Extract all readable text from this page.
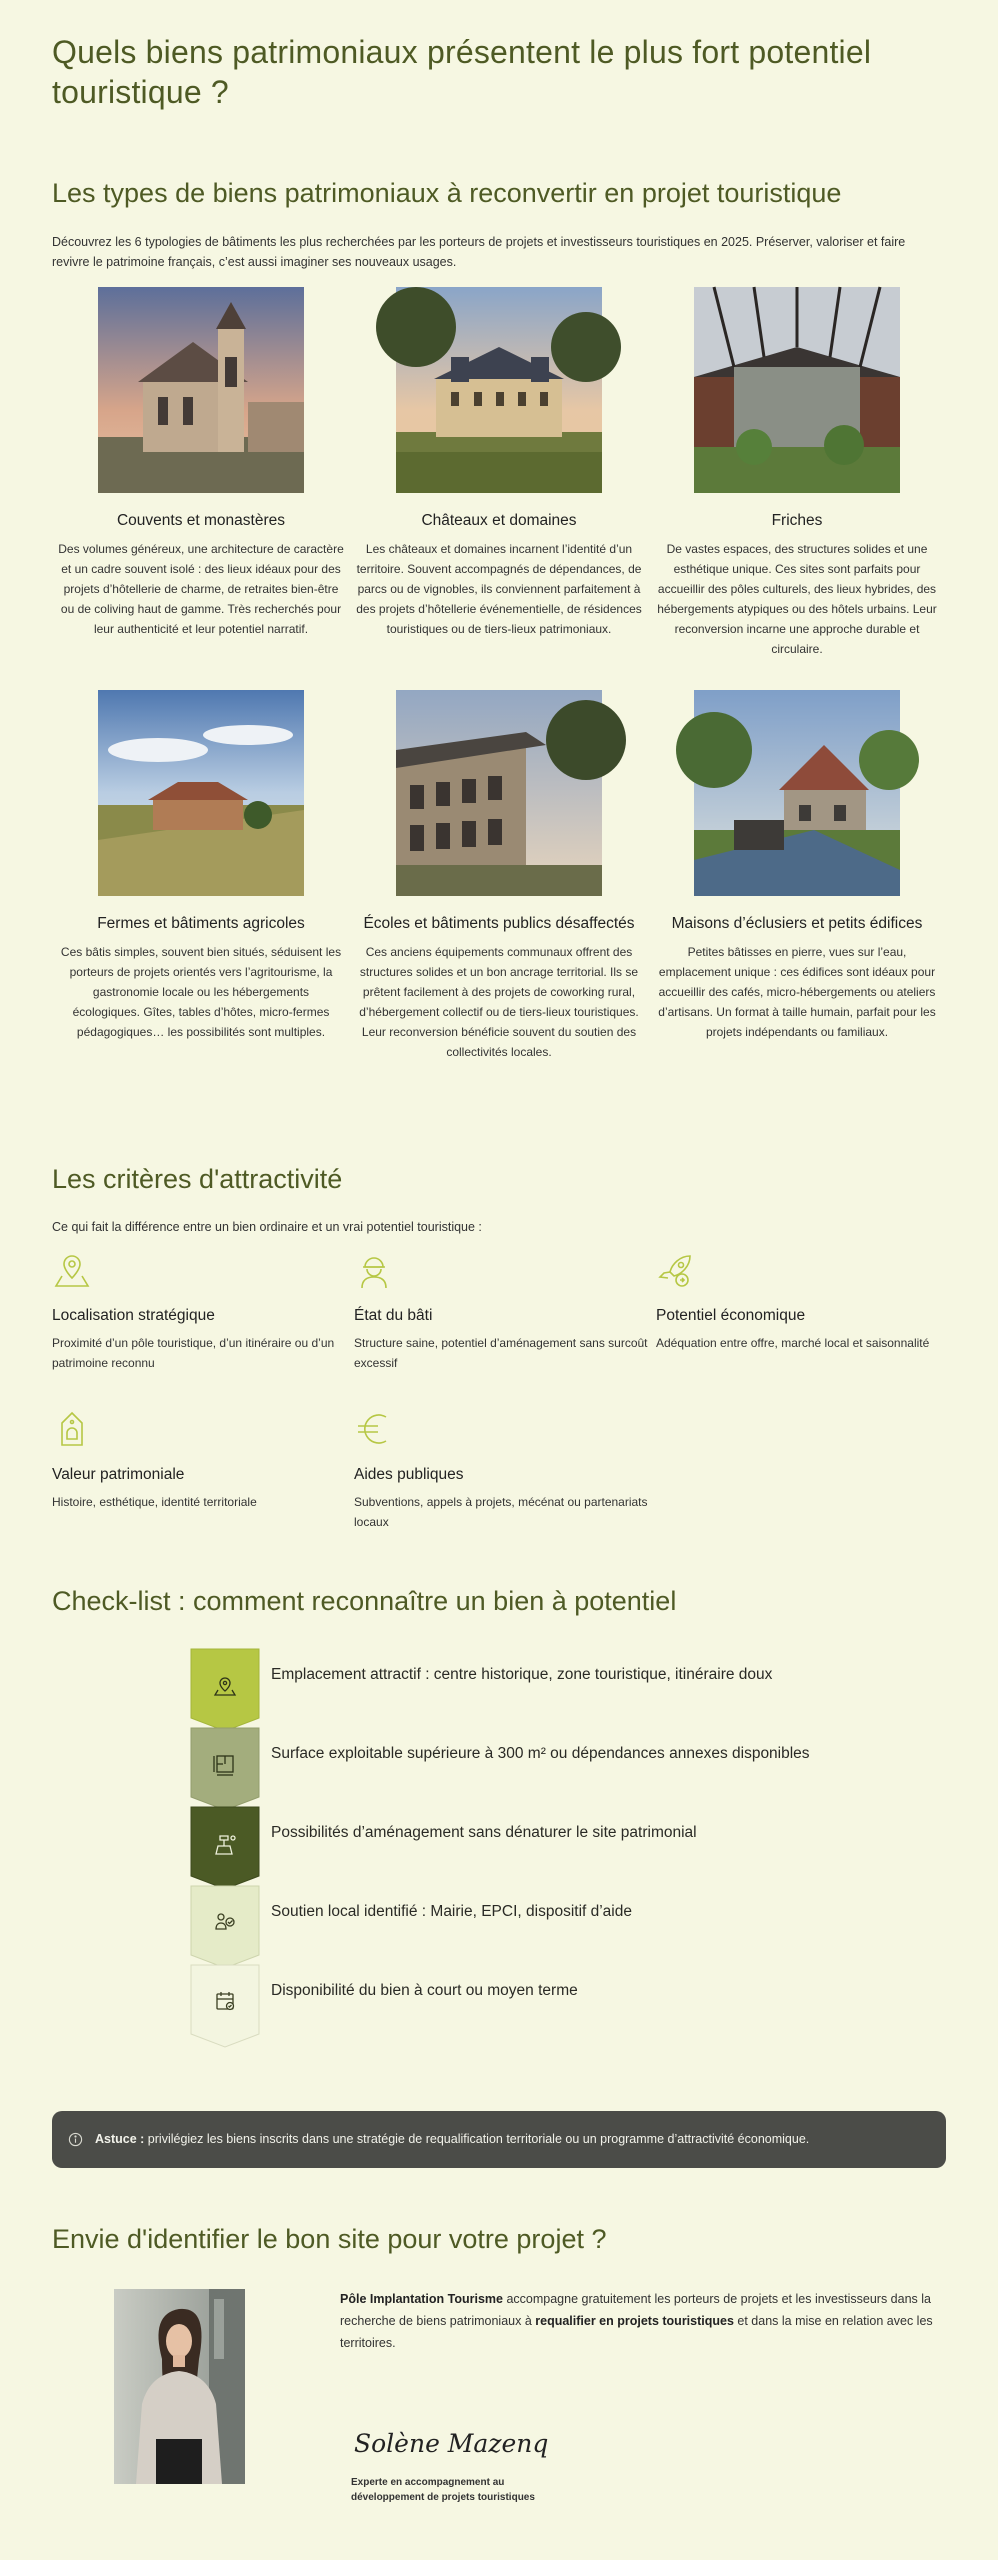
Quels biens patrimoniaux présentent le plus fort potentiel touristique ?
Les types de biens patrimoniaux à reconvertir en projet touristique

Découvrez les 6 typologies de bâtiments les plus recherchées par les porteurs de projets et investisseurs touristiques en 2025. Préserver, valoriser et faire revivre le patrimoine français, c’est aussi imaginer ses nouveaux usages.

Couvents et monastères

Des volumes généreux, une architecture de caractère et un cadre souvent isolé : des lieux idéaux pour des projets d’hôtellerie de charme, de retraites bien-être ou de coliving haut de gamme. Très recherchés pour leur authenticité et leur potentiel narratif.

Châteaux et domaines

Les châteaux et domaines incarnent l’identité d’un territoire. Souvent accompagnés de dépendances, de parcs ou de vignobles, ils conviennent parfaitement à des projets d’hôtellerie événementielle, de résidences touristiques ou de tiers-lieux patrimoniaux.

Friches

De vastes espaces, des structures solides et une esthétique unique. Ces sites sont parfaits pour accueillir des pôles culturels, des lieux hybrides, des hébergements atypiques ou des hôtels urbains. Leur reconversion incarne une approche durable et circulaire.

Fermes et bâtiments agricoles

Ces bâtis simples, souvent bien situés, séduisent les porteurs de projets orientés vers l’agritourisme, la gastronomie locale ou les hébergements écologiques. Gîtes, tables d’hôtes, micro-fermes pédagogiques… les possibilités sont multiples.

Écoles et bâtiments publics désaffectés

Ces anciens équipements communaux offrent des structures solides et un bon ancrage territorial. Ils se prêtent facilement à des projets de coworking rural, d’hébergement collectif ou de tiers-lieux touristiques. Leur reconversion bénéficie souvent du soutien des collectivités locales.

Maisons d’éclusiers et petits édifices

Petites bâtisses en pierre, vues sur l’eau, emplacement unique : ces édifices sont idéaux pour accueillir des cafés, micro-hébergements ou ateliers d’artisans. Un format à taille humain, parfait pour les projets indépendants ou familiaux.

Les critères d'attractivité

Ce qui fait la différence entre un bien ordinaire et un vrai potentiel touristique :

Localisation stratégique

Proximité d’un pôle touristique, d’un itinéraire ou d’un patrimoine reconnu

État du bâti

Structure saine, potentiel d’aménagement sans surcoût excessif

Potentiel économique

Adéquation entre offre, marché local et saisonnalité

Valeur patrimoniale

Histoire, esthétique, identité territoriale

Aides publiques

Subventions, appels à projets, mécénat ou partenariats locaux

Check-list : comment reconnaître un bien à potentiel
Emplacement attractif : centre historique, zone touristique, itinéraire doux
Surface exploitable supérieure à 300 m² ou dépendances annexes disponibles
Possibilités d’aménagement sans dénaturer le site patrimonial
Soutien local identifié : Mairie, EPCI, dispositif d’aide
Disponibilité du bien à court ou moyen terme
Astuce : privilégiez les biens inscrits dans une stratégie de requalification territoriale ou un programme d’attractivité économique.
Envie d'identifier le bon site pour votre projet ?
Pôle Implantation Tourisme accompagne gratuitement les porteurs de projets et les investisseurs dans la recherche de biens patrimoniaux à requalifier en projets touristiques et dans la mise en relation avec les territoires.
Solène Mazenq
Experte en accompagnement au développement de projets touristiques
